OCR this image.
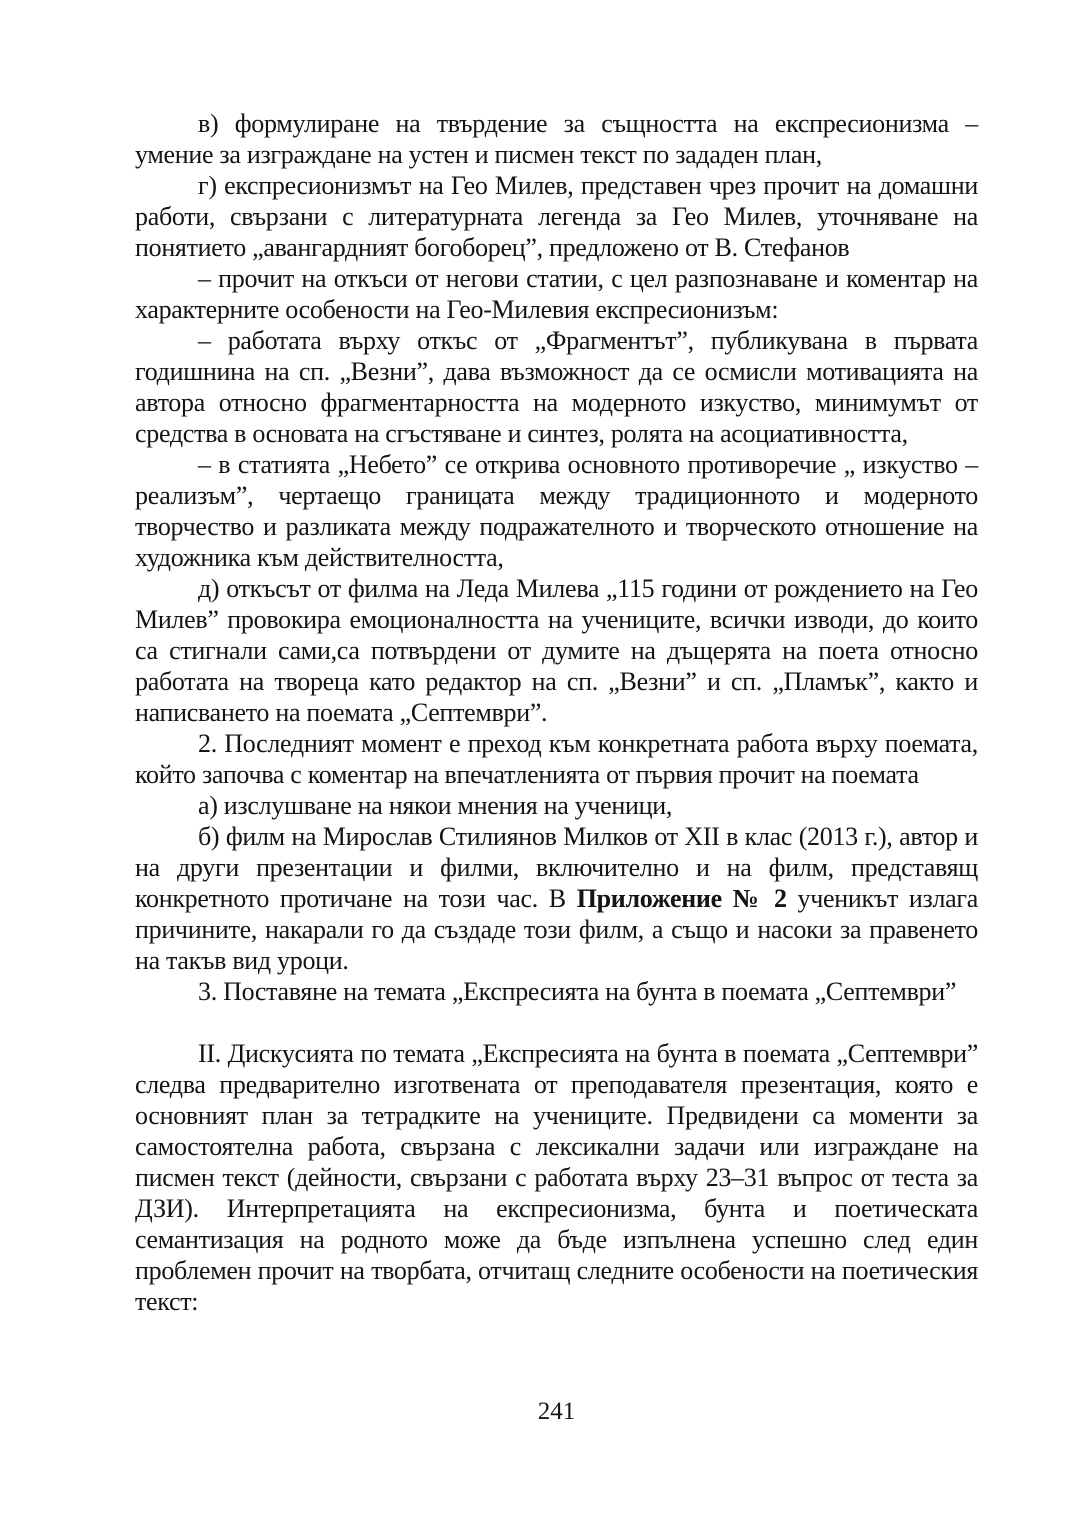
в) формулиране на твърдение за същността на експресионизма – умение за изграждане на устен и писмен текст по зададен план,

г) експресионизмът на Гео Милев, представен чрез прочит на домашни работи, свързани с литературната легенда за Гео Милев, уточняване на понятието „авангардният богоборец”, предложено от В. Стефанов

– прочит на откъси от негови статии, с цел разпознаване и коментар на характерните особености на Гео-Милевия експресионизъм:

– работата върху откъс от „Фрагментът”, публикувана в първата годишнина на сп. „Везни”, дава възможност да се осмисли мотивацията на автора относно фрагментарността на модерното изкуство, минимумът от средства в основата на сгъстяване и синтез, ролята на асоциативността,

– в статията „Небето” се открива основното противоречие „ изкуство – реализъм”, чертаещо границата между традиционното и модерното творчество и разликата между подражателното и творческото отношение на художника към действителността,

д) откъсът от филма на Леда Милева „115 години от рождението на Гео Милев” провокира емоционалността на учениците, всички изводи, до които са стигнали сами,са потвърдени от думите на дъщерята на поета относно работата на твореца като редактор на сп. „Везни” и сп. „Пламък”, както и написването на поемата „Септември”.

2. Последният момент е преход към конкретната работа върху поемата, който започва с коментар на впечатленията от първия прочит на поемата

а) изслушване на някои мнения на ученици,

б) филм на Мирослав Стилиянов Милков от XII в клас (2013 г.), автор и на други презентации и филми, включително и на филм, представящ конкретното протичане на този час. В Приложение № 2 ученикът излага причините, накарали го да създаде този филм, а също и насоки за правенето на такъв вид уроци.

3. Поставяне на темата „Експресията на бунта в поемата „Септември”

II. Дискусията по темата „Експресията на бунта в поемата „Септември” следва предварително изготвената от преподавателя презентация, която е основният план за тетрадките на учениците. Предвидени са моменти за самостоятелна работа, свързана с лексикални задачи или изграждане на писмен текст (дейности, свързани с работата върху 23–31 въпрос от теста за ДЗИ). Интерпретацията на експресионизма, бунта и поетическата семантизация на родното може да бъде изпълнена успешно след един проблемен прочит на творбата, отчитащ следните особености на поетическия текст:

241
